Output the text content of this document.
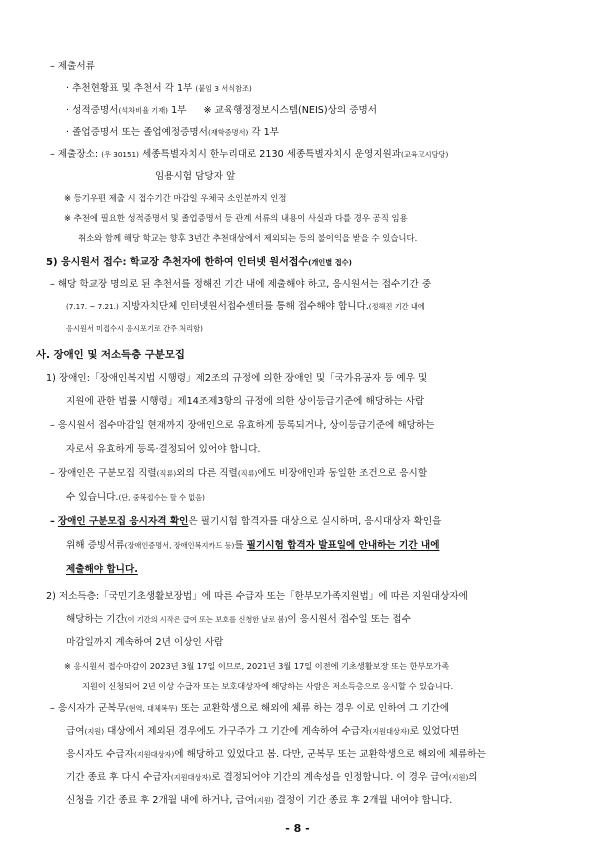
– 제출서류
· 추천현황표 및 추천서 각 1부 (붙임 3 서식참조)
· 성적증명서(석차비율 기재) 1부 ※ 교육행정정보시스템(NEIS)상의 증명서
· 졸업증명서 또는 졸업예정증명서(재학증명서) 각 1부
– 제출장소: (우 30151) 세종특별자치시 한누리대로 2130 세종특별자치시 운영지원과(교육고시담당)
임용시험 담당자 앞
※ 등기우편 제출 시 접수기간 마감일 우체국 소인분까지 인정
※ 추천에 필요한 성적증명서 및 졸업증명서 등 관계 서류의 내용이 사실과 다를 경우 공직 임용
취소와 함께 해당 학교는 향후 3년간 추천대상에서 제외되는 등의 불이익을 받을 수 있습니다.
5) 응시원서 접수: 학교장 추천자에 한하여 인터넷 원서접수(개인별 접수)
– 해당 학교장 명의로 된 추천서를 정해진 기간 내에 제출해야 하고, 응시원서는 접수기간 중
(7.17. ~ 7.21.) 지방자치단체 인터넷원서접수센터를 통해 접수해야 합니다.(정해진 기간 내에
응시원서 미접수시 응시포기로 간주 처리함)
사. 장애인 및 저소득층 구분모집
1) 장애인:「장애인복지법 시행령」제2조의 규정에 의한 장애인 및「국가유공자 등 예우 및
지원에 관한 법률 시행령」제14조제3항의 규정에 의한 상이등급기준에 해당하는 사람
– 응시원서 접수마감일 현재까지 장애인으로 유효하게 등록되거나, 상이등급기준에 해당하는
자로서 유효하게 등록·결정되어 있어야 합니다.
– 장애인은 구분모집 직렬(직류)외의 다른 직렬(직류)에도 비장애인과 동일한 조건으로 응시할
수 있습니다.(단, 중복접수는 할 수 없음)
– 장애인 구분모집 응시자격 확인은 필기시험 합격자를 대상으로 실시하며, 응시대상자 확인을
위해 증빙서류(장애인증명서, 장애인복지카드 등)를 필기시험 합격자 발표일에 안내하는 기간 내에
제출해야 합니다.
2) 저소득층:「국민기초생활보장법」에 따른 수급자 또는「한부모가족지원법」에 따른 지원대상자에
해당하는 기간(이 기간의 시작은 급여 또는 보호를 신청한 날로 봄)이 응시원서 접수일 또는 접수
마감일까지 계속하여 2년 이상인 사람
※ 응시원서 접수마감이 2023년 3월 17일 이므로, 2021년 3월 17일 이전에 기초생활보장 또는 한부모가족
지원이 신청되어 2년 이상 수급자 또는 보호대상자에 해당하는 사람은 저소득층으로 응시할 수 있습니다.
– 응시자가 군복무(현역, 대체복무) 또는 교환학생으로 해외에 체류 하는 경우 이로 인하여 그 기간에
급여(지원) 대상에서 제외된 경우에도 가구주가 그 기간에 계속하여 수급자(지원대상자)로 있었다면
응시자도 수급자(지원대상자)에 해당하고 있었다고 봄. 다만, 군복무 또는 교환학생으로 해외에 체류하는
기간 종료 후 다시 수급자(지원대상자)로 결정되어야 기간의 계속성을 인정합니다. 이 경우 급여(지원)의
신청을 기간 종료 후 2개월 내에 하거나, 급여(지원) 결정이 기간 종료 후 2개월 내여야 합니다.
- 8 -
